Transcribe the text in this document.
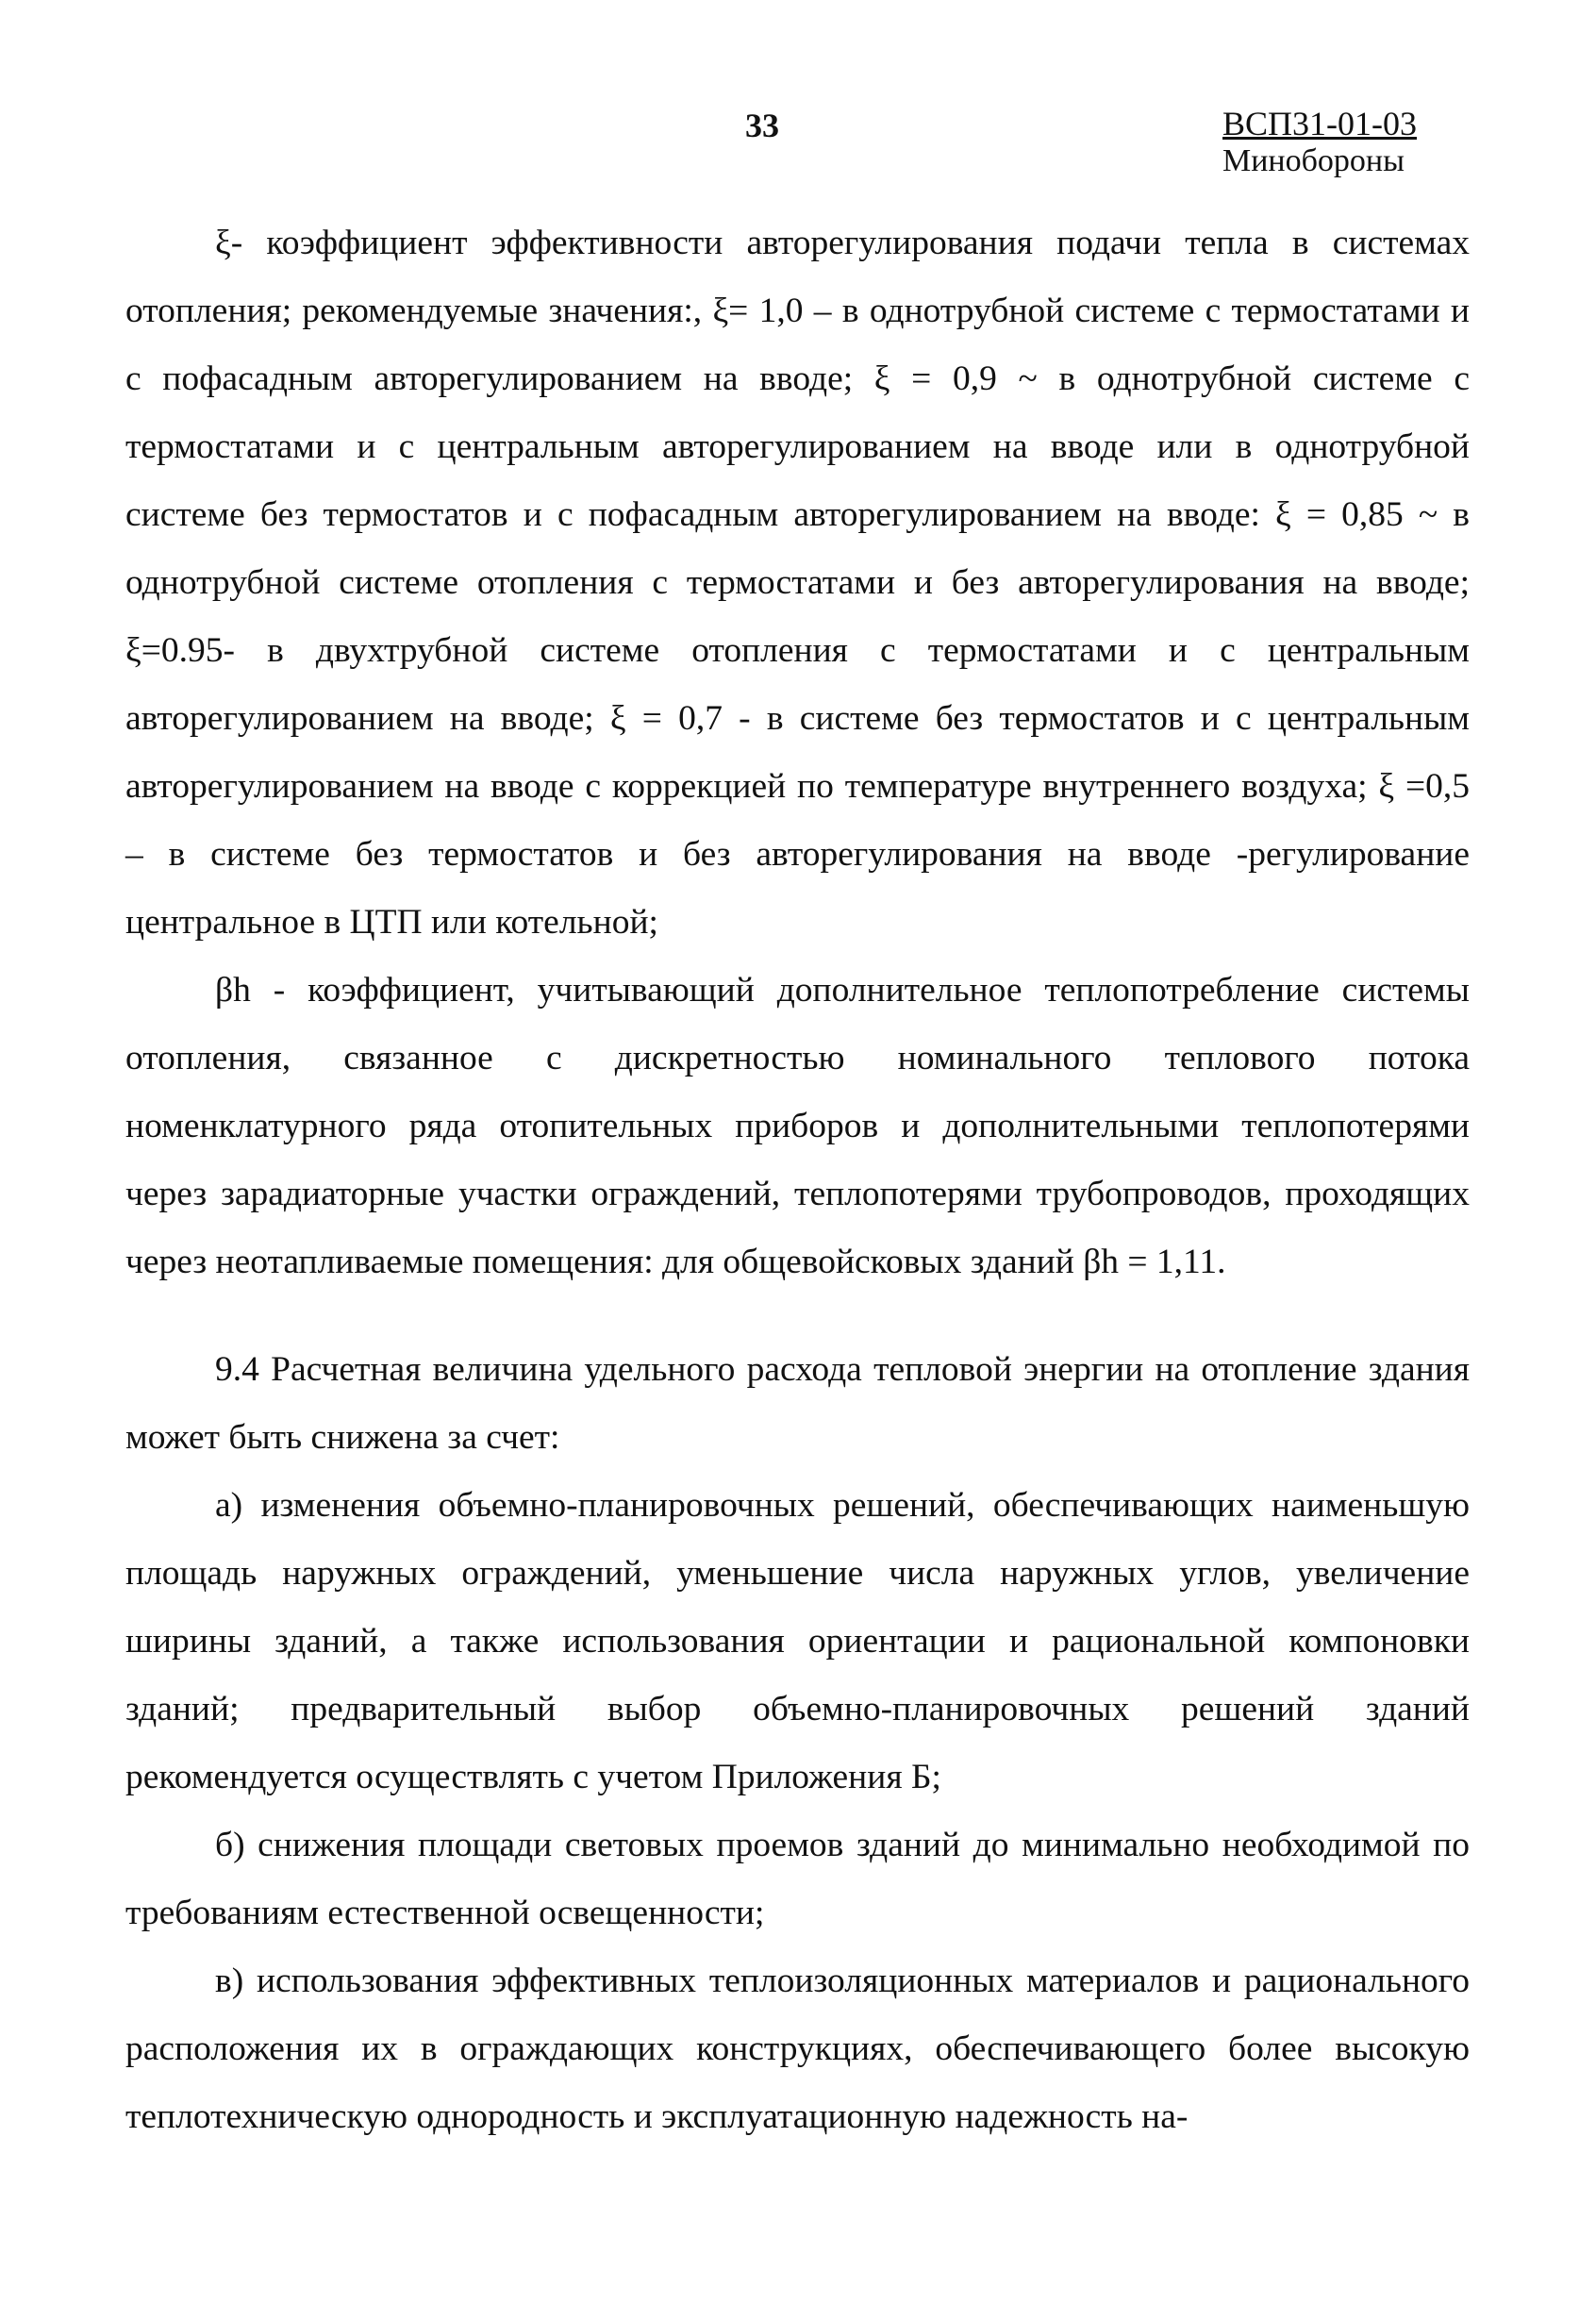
33	ВСП31-01-03
Минобороны

ξ- коэффициент эффективности авторегулирования подачи тепла в системах отопления; рекомендуемые значения:, ξ= 1,0 – в однотрубной системе с термостатами и с пофасадным авторегулированием на вводе; ξ = 0,9 ~ в однотрубной системе с термостатами и с центральным авторегулированием на вводе или в однотрубной системе без термостатов и с пофасадным авторегулированием на вводе: ξ = 0,85 ~ в однотрубной системе отопления с термостатами и без авторегулирования на вводе; ξ=0.95- в двухтрубной системе отопления с термостатами и с центральным авторегулированием на вводе; ξ = 0,7 - в системе без термостатов и с центральным авторегулированием на вводе с коррекцией по температуре внутреннего воздуха; ξ =0,5 – в системе без термостатов и без авторегулирования на вводе -регулирование центральное в ЦТП или котельной;

βh - коэффициент, учитывающий дополнительное теплопотребление системы отопления, связанное с дискретностью номинального теплового потока номенклатурного ряда отопительных приборов и дополнительными теплопотерями через зарадиаторные участки ограждений, теплопотерями трубопроводов, проходящих через неотапливаемые помещения: для общевойсковых зданий βh = 1,11.

9.4 Расчетная величина удельного расхода тепловой энергии на отопление здания может быть снижена за счет:

а) изменения объемно-планировочных решений, обеспечивающих наименьшую площадь наружных ограждений, уменьшение числа наружных углов, увеличение ширины зданий, а также использования ориентации и рациональной компоновки зданий; предварительный выбор объемно-планировочных решений зданий рекомендуется осуществлять с учетом Приложения Б;

б) снижения площади световых проемов зданий до минимально необходимой по требованиям естественной освещенности;

в) использования эффективных теплоизоляционных материалов и рационального расположения их в ограждающих конструкциях, обеспечивающего более высокую теплотехническую однородность и эксплуатационную надежность на-
